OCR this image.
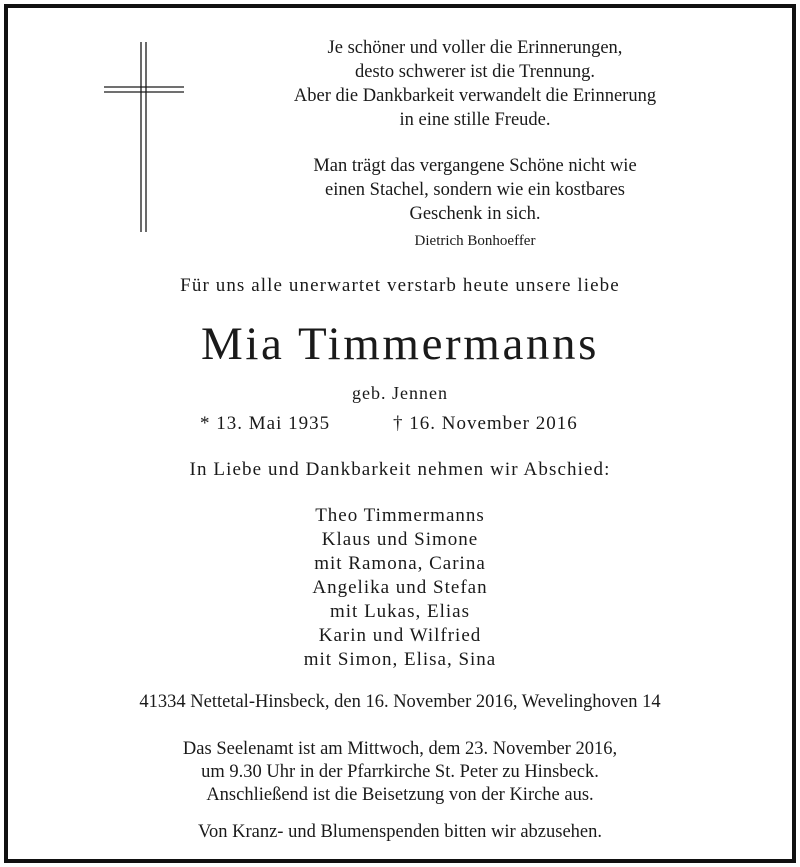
Je schöner und voller die Erinnerungen,

desto schwerer ist die Trennung.

Aber die Dankbarkeit verwandelt die Erinnerung

in eine stille Freude.

Man trägt das vergangene Schöne nicht wie

einen Stachel, sondern wie ein kostbares

Geschenk in sich.

Dietrich Bonhoeffer
Für uns alle unerwartet verstarb heute unsere liebe
Mia Timmermanns
geb. Jennen
* 13. Mai 1935	† 16. November 2016
In Liebe und Dankbarkeit nehmen wir Abschied:
Theo Timmermanns
Klaus und Simone
mit Ramona, Carina
Angelika und Stefan
mit Lukas, Elias
Karin und Wilfried
mit Simon, Elisa, Sina
41334 Nettetal-Hinsbeck, den 16. November 2016, Wevelinghoven 14

Das Seelenamt ist am Mittwoch, dem 23. November 2016,

um 9.30 Uhr in der Pfarrkirche St. Peter zu Hinsbeck.

Anschließend ist die Beisetzung von der Kirche aus.

Von Kranz- und Blumenspenden bitten wir abzusehen.
